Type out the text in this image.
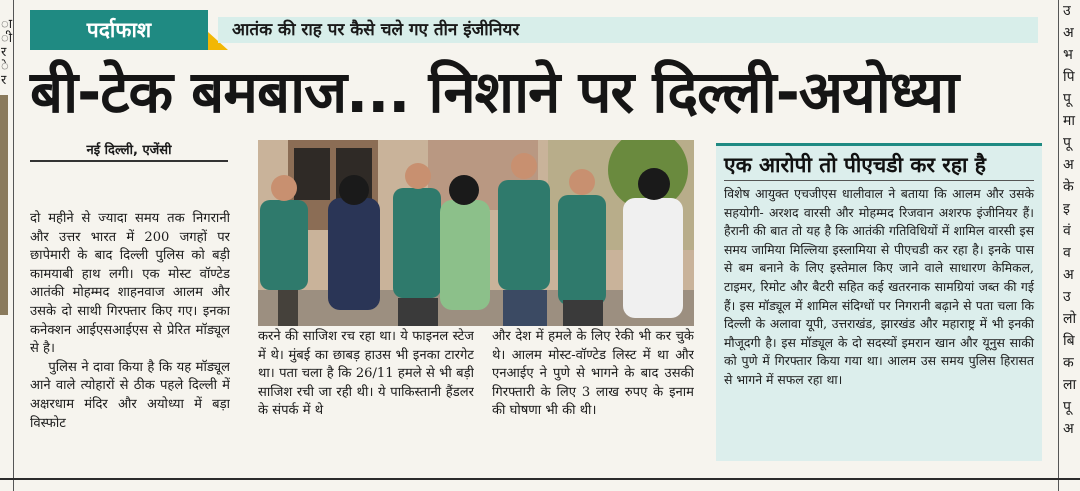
ा
ी
र
े
र
पर्दाफाश	आतंक की राह पर कैसे चले गए तीन इंजीनियर
बी-टेक बमबाज... निशाने पर दिल्ली-अयोध्या
नई दिल्ली, एजेंसी

दो महीने से ज्यादा समय तक निगरानी और उत्तर भारत में 200 जगहों पर छापेमारी के बाद दिल्ली पुलिस को बड़ी कामयाबी हाथ लगी। एक मोस्ट वॉण्टेड आतंकी मोहम्मद शाहनवाज आलम और उसके दो साथी गिरफ्तार किए गए। इनका कनेक्शन आईएसआईएस से प्रेरित मॉड्यूल से है।

पुलिस ने दावा किया है कि यह मॉड्यूल आने वाले त्योहारों से ठीक पहले दिल्ली में अक्षरधाम मंदिर और अयोध्या में बड़ा विस्फोट

करने की साजिश रच रहा था। ये फाइनल स्टेज में थे। मुंबई का छाबड़ हाउस भी इनका टारगेट था। पता चला है कि 26/11 हमले से भी बड़ी साजिश रची जा रही थी। ये पाकिस्तानी हैंडलर के संपर्क में थे
और देश में हमले के लिए रेकी भी कर चुके थे। आलम मोस्ट-वॉण्टेड लिस्ट में था और एनआईए ने पुणे से भागने के बाद उसकी गिरफ्तारी के लिए 3 लाख रुपए के इनाम की घोषणा भी की थी।
एक आरोपी तो पीएचडी कर रहा है
विशेष आयुक्त एचजीएस धालीवाल ने बताया कि आलम और उसके सहयोगी- अरशद वारसी और मोहम्मद रिजवान अशरफ इंजीनियर हैं। हैरानी की बात तो यह है कि आतंकी गतिविधियों में शामिल वारसी इस समय जामिया मिल्लिया इस्लामिया से पीएचडी कर रहा है। इनके पास से बम बनाने के लिए इस्तेमाल किए जाने वाले साधारण केमिकल, टाइमर, रिमोट और बैटरी सहित कई खतरनाक सामग्रियां जब्त की गई हैं। इस मॉड्यूल में शामिल संदिग्धों पर निगरानी बढ़ाने से पता चला कि दिल्ली के अलावा यूपी, उत्तराखंड, झारखंड और महाराष्ट्र में भी इनकी मौजूदगी है। इस मॉड्यूल के दो सदस्यों इमरान खान और यूनुस साकी को पुणे में गिरफ्तार किया गया था। आलम उस समय पुलिस हिरासत से भागने में सफल रहा था।
उ
अ
भ
पि
पू
मा
पू
अ
के
इ
वं
व
अ
उ
लो
बि
क
ला
पू
अ
